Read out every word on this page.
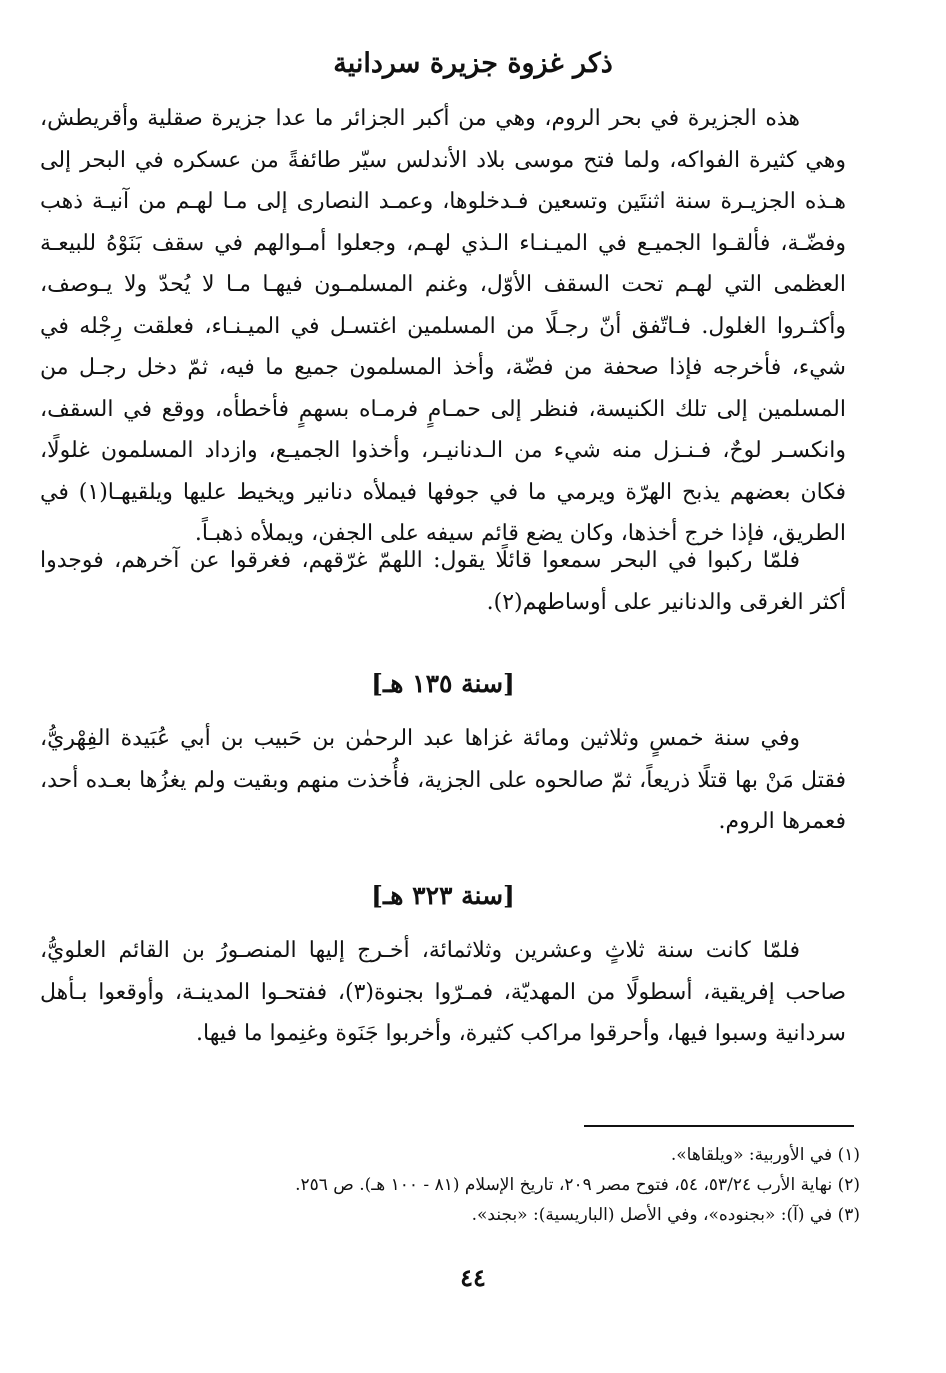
ذكر غزوة جزيرة سردانية

هذه الجزيرة في بحر الروم، وهي من أكبر الجزائر ما عدا جزيرة صقلية وأقريطش، وهي كثيرة الفواكه، ولما فتح موسى بلاد الأندلس سيّر طائفةً من عسكره في البحر إلى هـذه الجزيـرة سنة اثنتَين وتسعين فـدخلوها، وعمـد النصارى إلى مـا لهـم من آنيـة ذهب وفضّـة، فألقـوا الجميـع في الميـنـاء الـذي لهـم، وجعلوا أمـوالهم في سقف بَنَوْهُ للبيعـة العظمى التي لهـم تحت السقف الأوّل، وغنم المسلمـون فيهـا مـا لا يُحدّ ولا يـوصف، وأكثـروا الغلول. فـاتّفق أنّ رجـلًا من المسلمين اغتسـل في الميـنـاء، فعلقت رِجْله في شيء، فأخرجه فإذا صحفة من فضّة، وأخذ المسلمون جميع ما فيه، ثمّ دخل رجـل من المسلمين إلى تلك الكنيسة، فنظر إلى حمـامٍ فرمـاه بسهمٍ فأخطأه، ووقع في السقف، وانكسـر لوحٌ، فـنـزل منه شيء من الـدنانيـر، وأخذوا الجميـع، وازداد المسلمون غلولًا، فكان بعضهم يذبح الهرّة ويرمي ما في جوفها فيملأه دنانير ويخيط عليها ويلقيهـا(١) في الطريق، فإذا خرج أخذها، وكان يضع قائم سيفه على الجفن، ويملأه ذهبـاً.

فلمّا ركبوا في البحر سمعوا قائلًا يقول: اللهمّ غرّقهم، فغرقوا عن آخرهم، فوجدوا أكثر الغرقى والدنانير على أوساطهم(٢).

[سنة ١٣٥ هـ]

وفي سنة خمسٍ وثلاثين ومائة غزاها عبد الرحمٰن بن حَبيب بن أبي عُبَيدة الفِهْريُّ، فقتل مَنْ بها قتلًا ذريعاً، ثمّ صالحوه على الجزية، فأُخذت منهم وبقيت ولم يغزُها بعـده أحد، فعمرها الروم.

[سنة ٣٢٣ هـ]

فلمّا كانت سنة ثلاثٍ وعشرين وثلاثمائة، أخـرج إليها المنصـورُ بن القائم العلويُّ، صاحب إفريقية، أسطولًا من المهديّة، فمـرّوا بجنوة(٣)، ففتحـوا المدينـة، وأوقعوا بـأهل سردانية وسبوا فيها، وأحرقوا مراكب كثيرة، وأخربوا جَنَوة وغنِموا ما فيها.

(١) في الأوربية: «ويلقاها».

(٢) نهاية الأرب ٥٣/٢٤، ٥٤، فتوح مصر ٢٠٩، تاريخ الإسلام (٨١ - ١٠٠ هـ). ص ٢٥٦.

(٣) في (آ): «بجنوده»، وفي الأصل (الباريسية): «بجند».

٤٤
